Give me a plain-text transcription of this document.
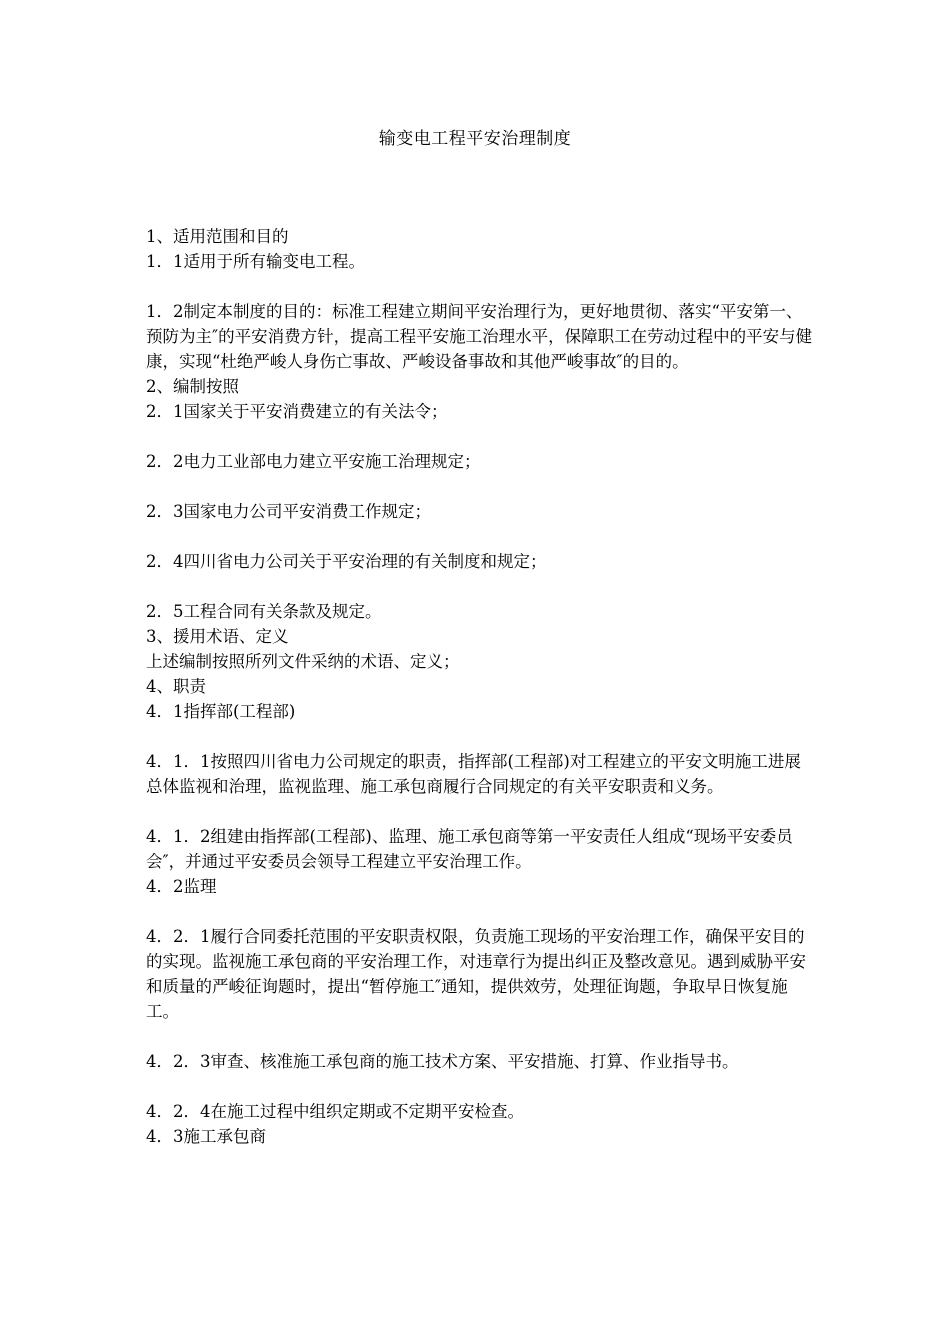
输变电工程平安治理制度

1、适用范围和目的

1．1适用于所有输变电工程。

1．2制定本制度的目的：标准工程建立期间平安治理行为，更好地贯彻、落实“平安第一、预防为主″的平安消费方针，提高工程平安施工治理水平，保障职工在劳动过程中的平安与健康，实现“杜绝严峻人身伤亡事故、严峻设备事故和其他严峻事故″的目的。

2、编制按照

2．1国家关于平安消费建立的有关法令；

2．2电力工业部电力建立平安施工治理规定；

2．3国家电力公司平安消费工作规定；

2．4四川省电力公司关于平安治理的有关制度和规定；

2．5工程合同有关条款及规定。

3、援用术语、定义

上述编制按照所列文件采纳的术语、定义；

4、职责

4．1指挥部(工程部)

4．1．1按照四川省电力公司规定的职责，指挥部(工程部)对工程建立的平安文明施工进展总体监视和治理，监视监理、施工承包商履行合同规定的有关平安职责和义务。

4．1．2组建由指挥部(工程部)、监理、施工承包商等第一平安责任人组成“现场平安委员会″，并通过平安委员会领导工程建立平安治理工作。

4．2监理

4．2．1履行合同委托范围的平安职责权限，负责施工现场的平安治理工作，确保平安目的的实现。监视施工承包商的平安治理工作，对违章行为提出纠正及整改意见。遇到威胁平安和质量的严峻征询题时，提出“暂停施工″通知，提供效劳，处理征询题，争取早日恢复施工。

4．2．3审查、核准施工承包商的施工技术方案、平安措施、打算、作业指导书。

4．2．4在施工过程中组织定期或不定期平安检查。

4．3施工承包商
